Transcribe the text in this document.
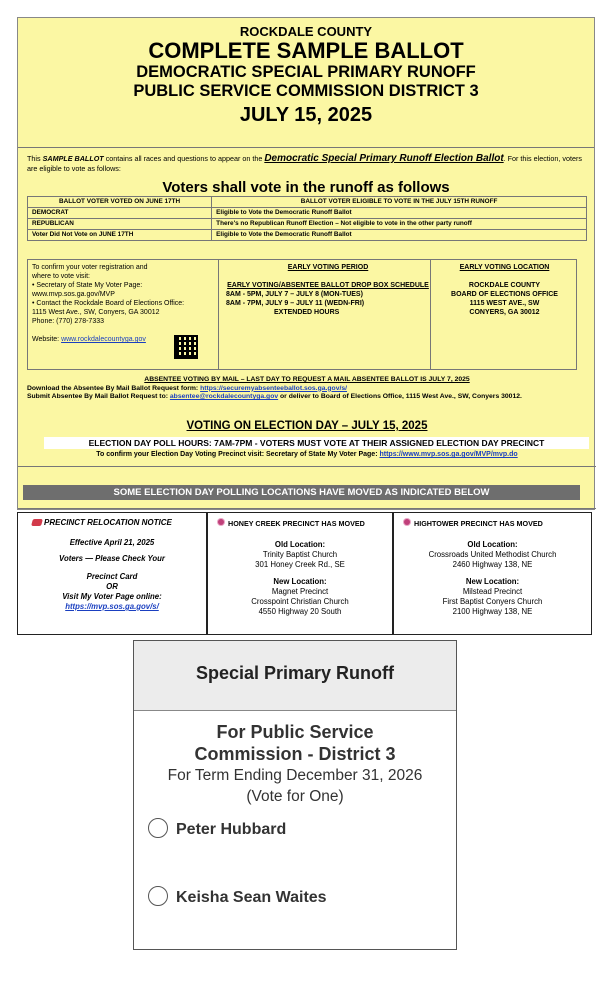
ROCKDALE COUNTY
COMPLETE SAMPLE BALLOT
DEMOCRATIC SPECIAL PRIMARY RUNOFF
PUBLIC SERVICE COMMISSION DISTRICT 3
JULY 15, 2025
This SAMPLE BALLOT contains all races and questions to appear on the Democratic Special Primary Runoff Election Ballot. For this election, voters are eligible to vote as follows:
Voters shall vote in the runoff as follows
BALLOT VOTER VOTED ON JUNE 17TH	BALLOT VOTER ELIGIBLE TO VOTE IN THE JULY 15TH RUNOFF
DEMOCRAT	Eligible to Vote the Democratic Runoff Ballot
REPUBLICAN	There's no Republican Runoff Election – Not eligible to vote in the other party runoff
Voter Did Not Vote on JUNE 17TH	Eligible to Vote the Democratic Runoff Ballot
To confirm your voter registration and
where to vote visit:
• Secretary of State My Voter Page:
www.mvp.sos.ga.gov/MVP
• Contact the Rockdale Board of Elections Office:
1115 West Ave., SW, Conyers, GA 30012
Phone: (770) 278-7333
Website: www.rockdalecountyga.gov
EARLY VOTING PERIOD
EARLY VOTING/ABSENTEE BALLOT DROP BOX SCHEDULE
8AM - 5PM, JULY 7 – JULY 8 (MON-TUES)
8AM - 7PM, JULY 9 – JULY 11 (WEDN-FRI)
EXTENDED HOURS
EARLY VOTING LOCATION
ROCKDALE COUNTY
BOARD OF ELECTIONS OFFICE
1115 WEST AVE., SW
CONYERS, GA 30012
ABSENTEE VOTING BY MAIL – LAST DAY TO REQUEST A MAIL ABSENTEE BALLOT IS JULY 7, 2025
Download the Absentee By Mail Ballot Request form: https://securemyabsenteeballot.sos.ga.gov/s/
Submit Absentee By Mail Ballot Request to: absentee@rockdalecountyga.gov or deliver to Board of Elections Office, 1115 West Ave., SW, Conyers 30012.
VOTING ON ELECTION DAY – JULY 15, 2025
ELECTION DAY POLL HOURS: 7AM-7PM - VOTERS MUST VOTE AT THEIR ASSIGNED ELECTION DAY PRECINCT
To confirm your Election Day Voting Precinct visit: Secretary of State My Voter Page: https://www.mvp.sos.ga.gov/MVP/mvp.do
SOME ELECTION DAY POLLING LOCATIONS HAVE MOVED AS INDICATED BELOW
PRECINCT RELOCATION NOTICE
Effective April 21, 2025
Voters — Please Check Your
Precinct Card
OR
Visit My Voter Page online:
https://mvp.sos.ga.gov/s/
HONEY CREEK PRECINCT HAS MOVED
Old Location:
Trinity Baptist Church
301 Honey Creek Rd., SE
New Location:
Magnet Precinct
Crosspoint Christian Church
4550 Highway 20 South
HIGHTOWER PRECINCT HAS MOVED
Old Location:
Crossroads United Methodist Church
2460 Highway 138, NE
New Location:
Milstead Precinct
First Baptist Conyers Church
2100 Highway 138, NE
Special Primary Runoff
For Public Service
Commission - District 3
For Term Ending December 31, 2026
(Vote for One)
Peter Hubbard
Keisha Sean Waites
